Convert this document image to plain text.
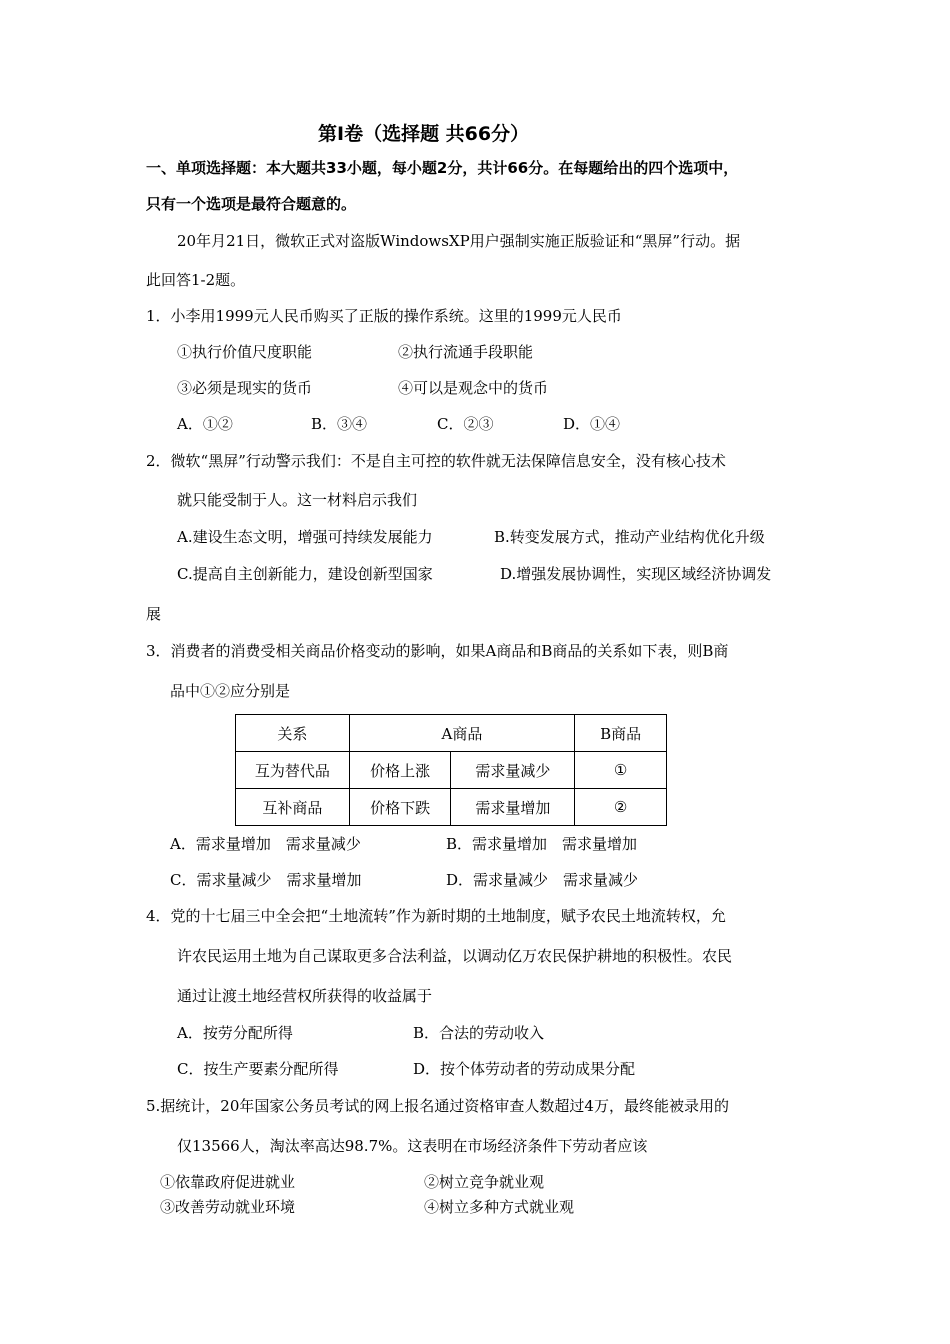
第Ⅰ卷（选择题 共66分）
一、单项选择题：本大题共33小题，每小题2分，共计66分。在每题给出的四个选项中，
只有一个选项是最符合题意的。
20年月21日，微软正式对盗版WindowsXP用户强制实施正版验证和“黑屏”行动。据
此回答1-2题。
1．小李用1999元人民币购买了正版的操作系统。这里的1999元人民币
①执行价值尺度职能	②执行流通手段职能
③必须是现实的货币	④可以是观念中的货币
A．①②	B．③④	C．②③	D．①④
2．微软“黑屏”行动警示我们：不是自主可控的软件就无法保障信息安全，没有核心技术
就只能受制于人。这一材料启示我们
A.建设生态文明，增强可持续发展能力	B.转变发展方式，推动产业结构优化升级
C.提高自主创新能力，建设创新型国家	D.增强发展协调性，实现区域经济协调发
展
3．消费者的消费受相关商品价格变动的影响，如果A商品和B商品的关系如下表，则B商
品中①②应分别是
关系	A商品		B商品
互为替代品	价格上涨	需求量减少	①
互补商品	价格下跌	需求量增加	②
A．需求量增加　需求量减少	B．需求量增加　需求量增加
C．需求量减少　需求量增加	D．需求量减少　需求量减少
4．党的十七届三中全会把“土地流转”作为新时期的土地制度，赋予农民土地流转权，允
许农民运用土地为自己谋取更多合法利益，以调动亿万农民保护耕地的积极性。农民
通过让渡土地经营权所获得的收益属于
A．按劳分配所得	B．合法的劳动收入
C．按生产要素分配所得	D．按个体劳动者的劳动成果分配
5.据统计，20年国家公务员考试的网上报名通过资格审查人数超过4万，最终能被录用的
仅13566人，淘汰率高达98.7%。这表明在市场经济条件下劳动者应该
①依靠政府促进就业	②树立竞争就业观
③改善劳动就业环境	④树立多种方式就业观
